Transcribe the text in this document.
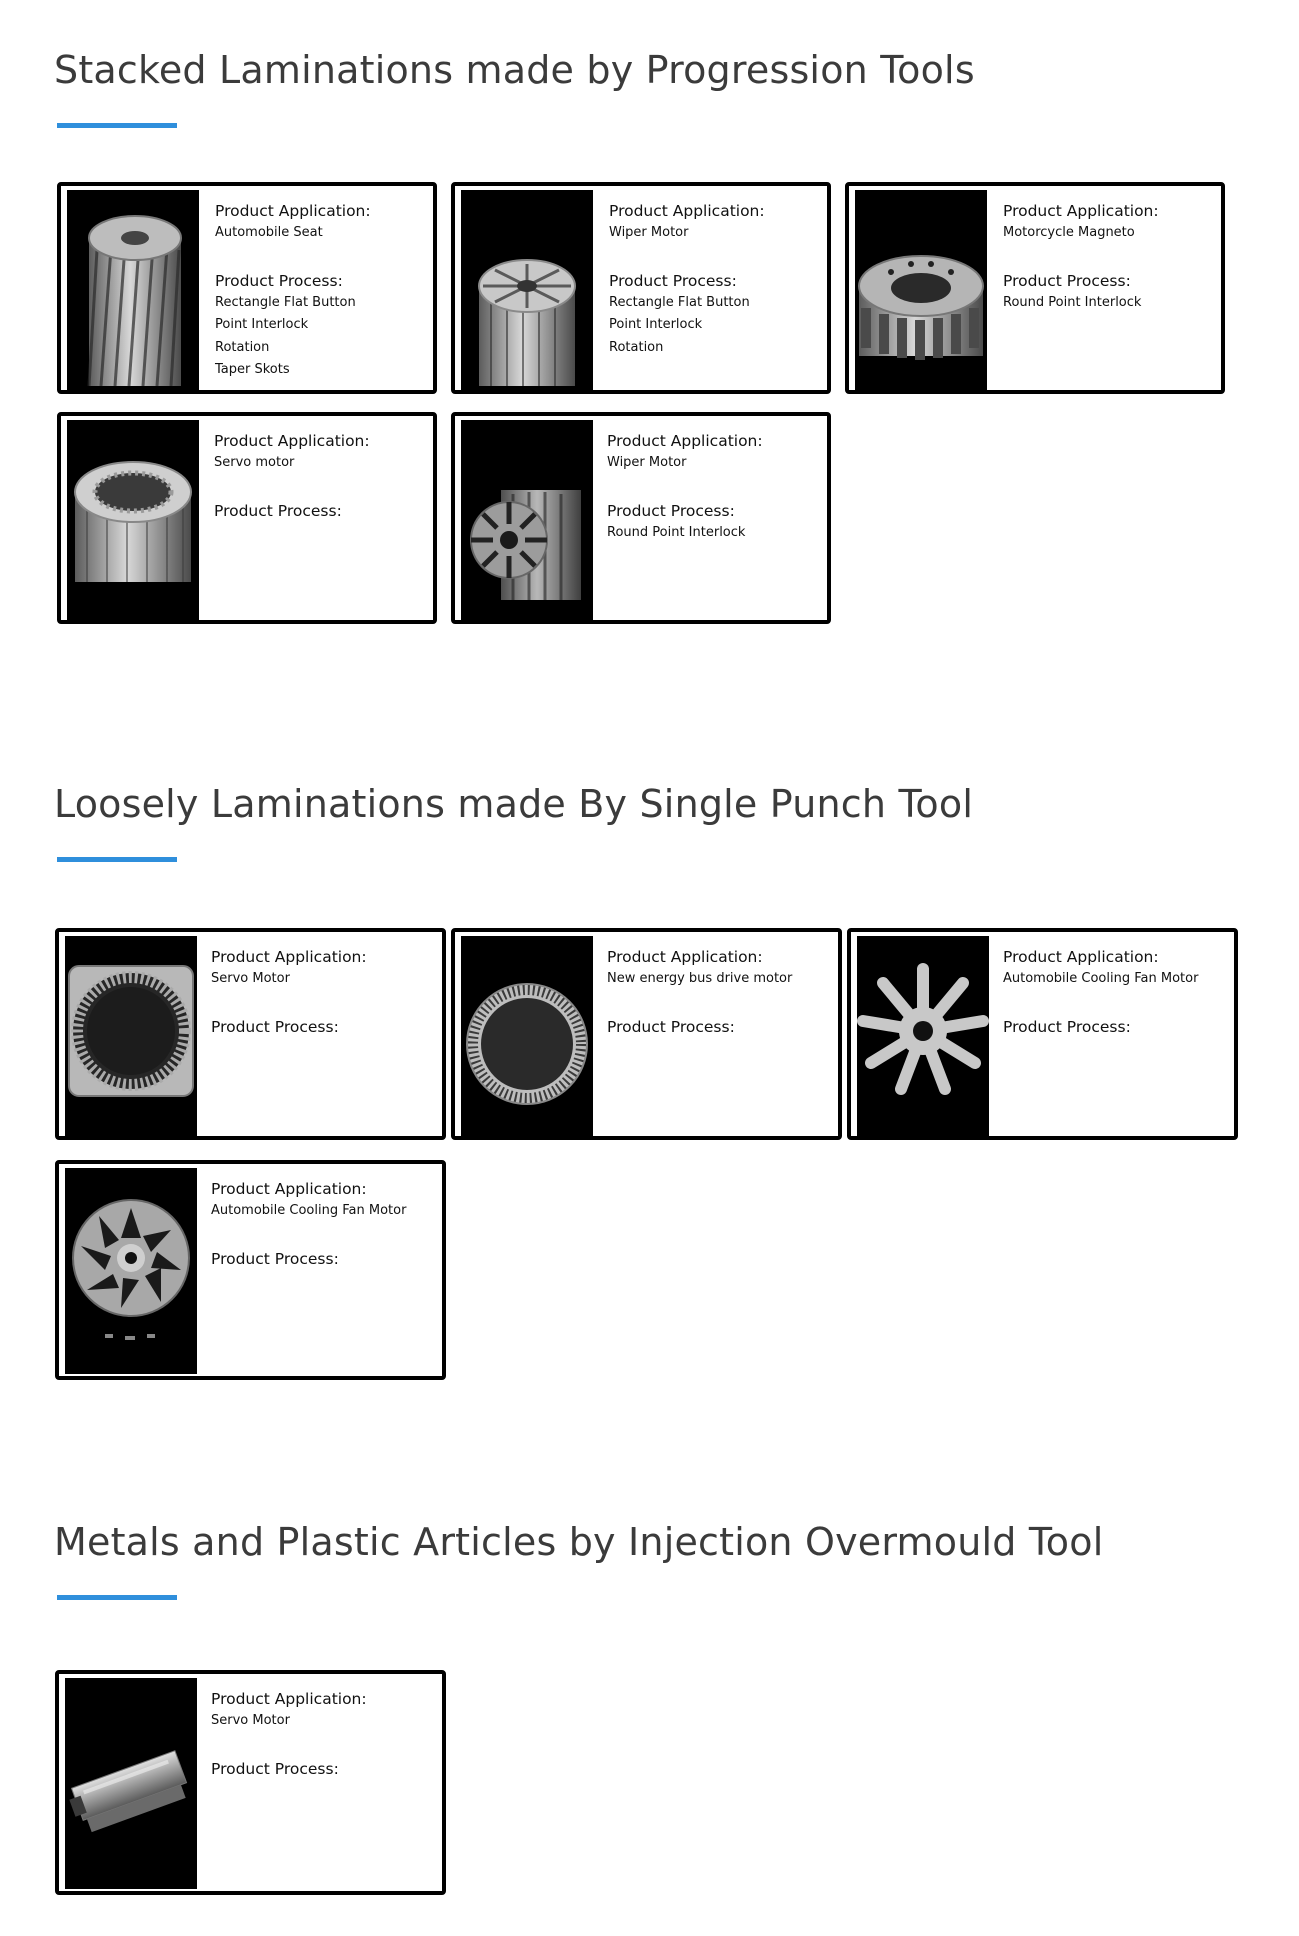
Stacked Laminations made by Progression Tools

Product Application:

Automobile Seat

Product Process:

Rectangle Flat Button

Point Interlock

Rotation

Taper Skots

Product Application:

Wiper Motor

Product Process:

Rectangle Flat Button

Point Interlock

Rotation

Product Application:

Motorcycle Magneto

Product Process:

Round Point Interlock

Product Application:

Servo motor

Product Process:

Product Application:

Wiper Motor

Product Process:

Round Point Interlock

Loosely Laminations made By Single Punch Tool

Product Application:

Servo Motor

Product Process:

Product Application:

New energy bus drive motor

Product Process:

Product Application:

Automobile Cooling Fan Motor

Product Process:

Product Application:

Automobile Cooling Fan Motor

Product Process:

Metals and Plastic Articles by Injection Overmould Tool

Product Application:

Servo Motor

Product Process:
